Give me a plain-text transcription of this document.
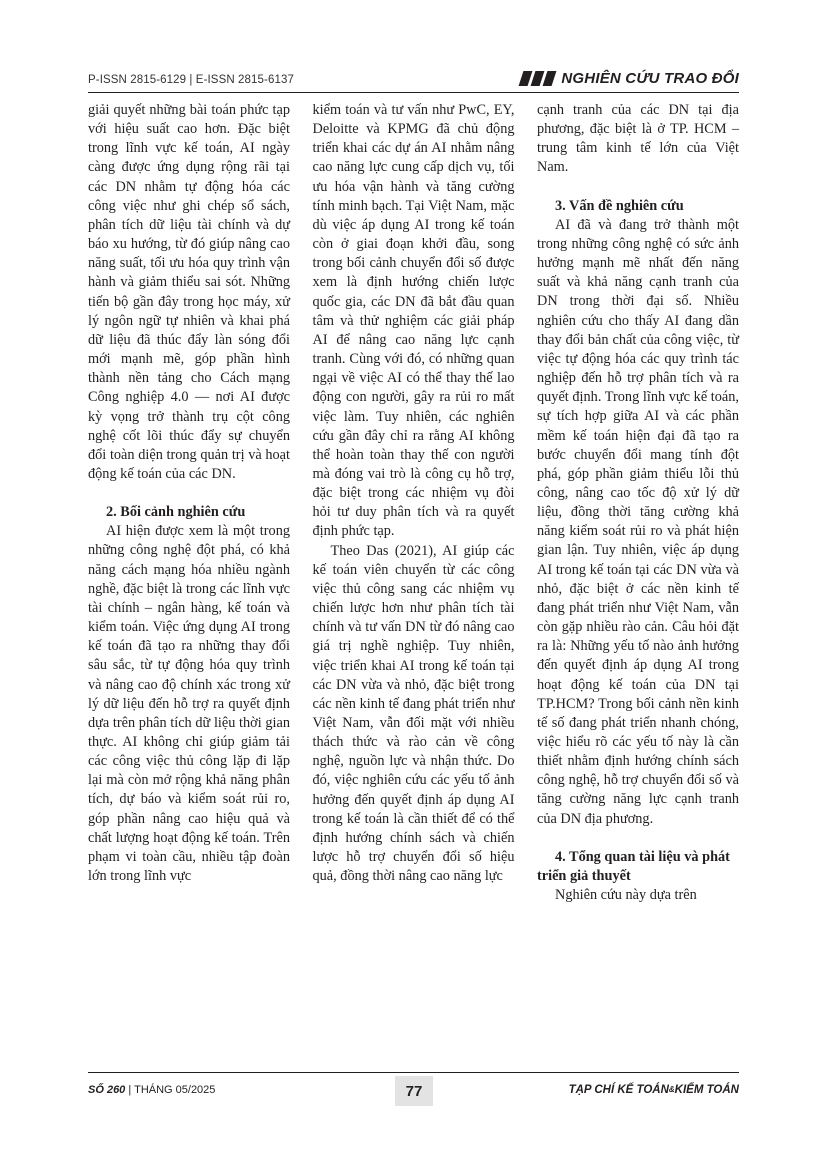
P-ISSN 2815-6129 | E-ISSN 2815-6137	NGHIÊN CỨU TRAO ĐỔI

giải quyết những bài toán phức tạp với hiệu suất cao hơn. Đặc biệt trong lĩnh vực kế toán, AI ngày càng được ứng dụng rộng rãi tại các DN nhằm tự động hóa các công việc như ghi chép sổ sách, phân tích dữ liệu tài chính và dự báo xu hướng, từ đó giúp nâng cao năng suất, tối ưu hóa quy trình vận hành và giảm thiểu sai sót. Những tiến bộ gần đây trong học máy, xử lý ngôn ngữ tự nhiên và khai phá dữ liệu đã thúc đẩy làn sóng đổi mới mạnh mẽ, góp phần hình thành nền tảng cho Cách mạng Công nghiệp 4.0 — nơi AI được kỳ vọng trở thành trụ cột công nghệ cốt lõi thúc đẩy sự chuyển đổi toàn diện trong quản trị và hoạt động kế toán của các DN.

2. Bối cảnh nghiên cứu

AI hiện được xem là một trong những công nghệ đột phá, có khả năng cách mạng hóa nhiều ngành nghề, đặc biệt là trong các lĩnh vực tài chính – ngân hàng, kế toán và kiểm toán. Việc ứng dụng AI trong kế toán đã tạo ra những thay đổi sâu sắc, từ tự động hóa quy trình và nâng cao độ chính xác trong xử lý dữ liệu đến hỗ trợ ra quyết định dựa trên phân tích dữ liệu thời gian thực. AI không chỉ giúp giảm tải các công việc thủ công lặp đi lặp lại mà còn mở rộng khả năng phân tích, dự báo và kiểm soát rủi ro, góp phần nâng cao hiệu quả và chất lượng hoạt động kế toán. Trên phạm vi toàn cầu, nhiều tập đoàn lớn trong lĩnh vực

kiểm toán và tư vấn như PwC, EY, Deloitte và KPMG đã chủ động triển khai các dự án AI nhằm nâng cao năng lực cung cấp dịch vụ, tối ưu hóa vận hành và tăng cường tính minh bạch. Tại Việt Nam, mặc dù việc áp dụng AI trong kế toán còn ở giai đoạn khởi đầu, song trong bối cảnh chuyển đổi số được xem là định hướng chiến lược quốc gia, các DN đã bắt đầu quan tâm và thử nghiệm các giải pháp AI để nâng cao năng lực cạnh tranh. Cùng với đó, có những quan ngại về việc AI có thể thay thế lao động con người, gây ra rủi ro mất việc làm. Tuy nhiên, các nghiên cứu gần đây chỉ ra rằng AI không thể hoàn toàn thay thế con người mà đóng vai trò là công cụ hỗ trợ, đặc biệt trong các nhiệm vụ đòi hỏi tư duy phân tích và ra quyết định phức tạp.

Theo Das (2021), AI giúp các kế toán viên chuyển từ các công việc thủ công sang các nhiệm vụ chiến lược hơn như phân tích tài chính và tư vấn DN từ đó nâng cao giá trị nghề nghiệp. Tuy nhiên, việc triển khai AI trong kế toán tại các DN vừa và nhỏ, đặc biệt trong các nền kinh tế đang phát triển như Việt Nam, vẫn đối mặt với nhiều thách thức và rào cản về công nghệ, nguồn lực và nhận thức. Do đó, việc nghiên cứu các yếu tố ảnh hưởng đến quyết định áp dụng AI trong kế toán là cần thiết để có thể định hướng chính sách và chiến lược hỗ trợ chuyển đổi số hiệu quả, đồng thời nâng cao năng lực

cạnh tranh của các DN tại địa phương, đặc biệt là ở TP. HCM – trung tâm kinh tế lớn của Việt Nam.

3. Vấn đề nghiên cứu

AI đã và đang trở thành một trong những công nghệ có sức ảnh hưởng mạnh mẽ nhất đến năng suất và khả năng cạnh tranh của DN trong thời đại số. Nhiều nghiên cứu cho thấy AI đang dần thay đổi bản chất của công việc, từ việc tự động hóa các quy trình tác nghiệp đến hỗ trợ phân tích và ra quyết định. Trong lĩnh vực kế toán, sự tích hợp giữa AI và các phần mềm kế toán hiện đại đã tạo ra bước chuyển đổi mang tính đột phá, góp phần giảm thiểu lỗi thủ công, nâng cao tốc độ xử lý dữ liệu, đồng thời tăng cường khả năng kiểm soát rủi ro và phát hiện gian lận. Tuy nhiên, việc áp dụng AI trong kế toán tại các DN vừa và nhỏ, đặc biệt ở các nền kinh tế đang phát triển như Việt Nam, vẫn còn gặp nhiều rào cản. Câu hỏi đặt ra là: Những yếu tố nào ảnh hưởng đến quyết định áp dụng AI trong hoạt động kế toán của DN tại TP.HCM? Trong bối cảnh nền kinh tế số đang phát triển nhanh chóng, việc hiểu rõ các yếu tố này là cần thiết nhằm định hướng chính sách công nghệ, hỗ trợ chuyển đổi số và tăng cường năng lực cạnh tranh của DN địa phương.

4. Tổng quan tài liệu và phát triển giả thuyết

Nghiên cứu này dựa trên

SỐ 260 | THÁNG 05/2025	77	TẠP CHÍ KẾ TOÁN&KIỂM TOÁN
